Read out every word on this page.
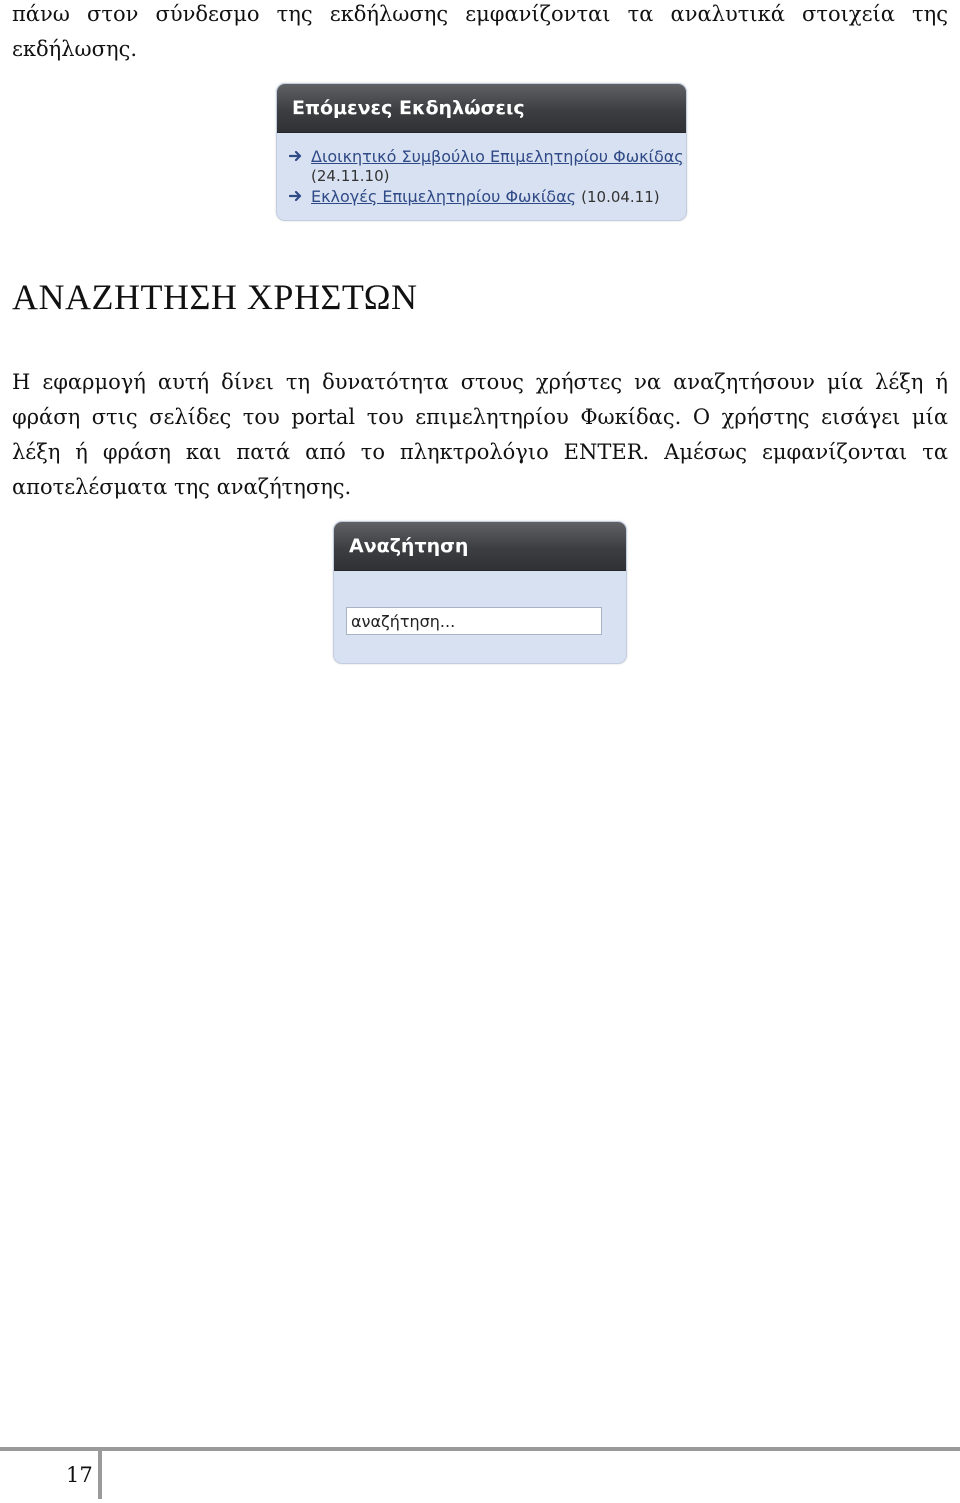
πάνω στον σύνδεσμο της εκδήλωσης εμφανίζονται τα αναλυτικά στοιχεία της εκδήλωσης.

Επόμενες Εκδηλώσεις
Διοικητικό Συμβούλιο Επιμελητηρίου Φωκίδας (24.11.10)
Εκλογές Επιμελητηρίου Φωκίδας (10.04.11)
ΑΝΑΖΗΤΗΣΗ ΧΡΗΣΤΩΝ

Η εφαρμογή αυτή δίνει τη δυνατότητα στους χρήστες να αναζητήσουν μία λέξη ή φράση στις σελίδες του portal του επιμελητηρίου Φωκίδας. Ο χρήστης εισάγει μία λέξη ή φράση και πατά από το πληκτρολόγιο ENTER. Αμέσως εμφανίζονται τα αποτελέσματα της αναζήτησης.

Αναζήτηση
αναζήτηση...
17
